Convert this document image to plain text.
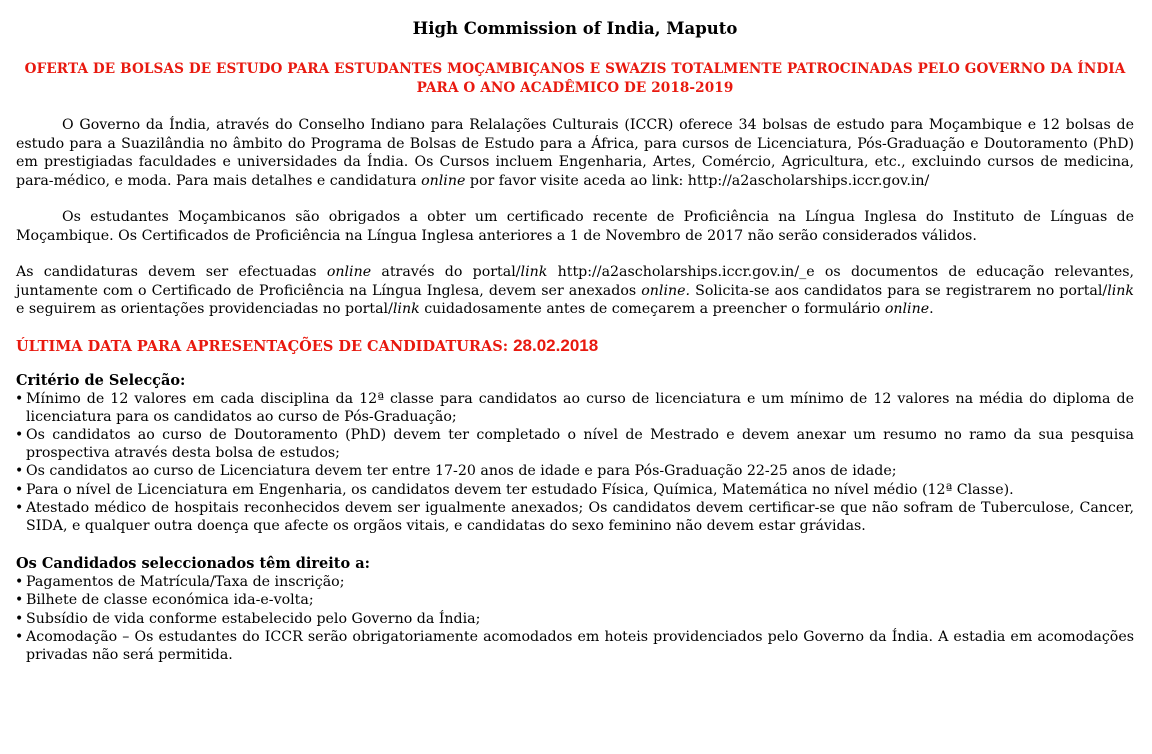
High Commission of India, Maputo
OFERTA DE BOLSAS DE ESTUDO PARA ESTUDANTES MOÇAMBIÇANOS E SWAZIS TOTALMENTE PATROCINADAS PELO GOVERNO DA ÍNDIA PARA O ANO ACADÊMICO DE 2018-2019

O Governo da Índia, através do Conselho Indiano para Relalações Culturais (ICCR) oferece 34 bolsas de estudo para Moçambique e 12 bolsas de estudo para a Suazilândia no âmbito do Programa de Bolsas de Estudo para a África, para cursos de Licenciatura, Pós-Graduação e Doutoramento (PhD) em prestigiadas faculdades e universidades da Índia. Os Cursos incluem Engenharia, Artes, Comércio, Agricultura, etc., excluindo cursos de medicina, para-médico, e moda. Para mais detalhes e candidatura online por favor visite aceda ao link: http://a2ascholarships.iccr.gov.in/

Os estudantes Moçambicanos são obrigados a obter um certificado recente de Proficiência na Língua Inglesa do Instituto de Línguas de Moçambique. Os Certificados de Proficiência na Língua Inglesa anteriores a 1 de Novembro de 2017 não serão considerados válidos.

As candidaturas devem ser efectuadas online através do portal/link http://a2ascholarships.iccr.gov.in/_e os documentos de educação relevantes, juntamente com o Certificado de Proficiência na Língua Inglesa, devem ser anexados online. Solicita-se aos candidatos para se registrarem no portal/link e seguirem as orientações providenciadas no portal/link cuidadosamente antes de começarem a preencher o formulário online.

ÚLTIMA DATA PARA APRESENTAÇÕES DE CANDIDATURAS: 28.02.2018
Critério de Selecção:
• Mínimo de 12 valores em cada disciplina da 12ª classe para candidatos ao curso de licenciatura e um mínimo de 12 valores na média do diploma de licenciatura para os candidatos ao curso de Pós-Graduação;
• Os candidatos ao curso de Doutoramento (PhD) devem ter completado o nível de Mestrado e devem anexar um resumo no ramo da sua pesquisa prospectiva através desta bolsa de estudos;
• Os candidatos ao curso de Licenciatura devem ter entre 17-20 anos de idade e para Pós-Graduação 22-25 anos de idade;
• Para o nível de Licenciatura em Engenharia, os candidatos devem ter estudado Física, Química, Matemática no nível médio (12ª Classe).
• Atestado médico de hospitais reconhecidos devem ser igualmente anexados; Os candidatos devem certificar-se que não sofram de Tuberculose, Cancer, SIDA, e qualquer outra doença que afecte os orgãos vitais, e candidatas do sexo feminino não devem estar grávidas.
Os Candidados seleccionados têm direito a:
• Pagamentos de Matrícula/Taxa de inscrição;
• Bilhete de classe económica ida-e-volta;
• Subsídio de vida conforme estabelecido pelo Governo da Índia;
• Acomodação – Os estudantes do ICCR serão obrigatoriamente acomodados em hoteis providenciados pelo Governo da Índia. A estadia em acomodações privadas não será permitida.
